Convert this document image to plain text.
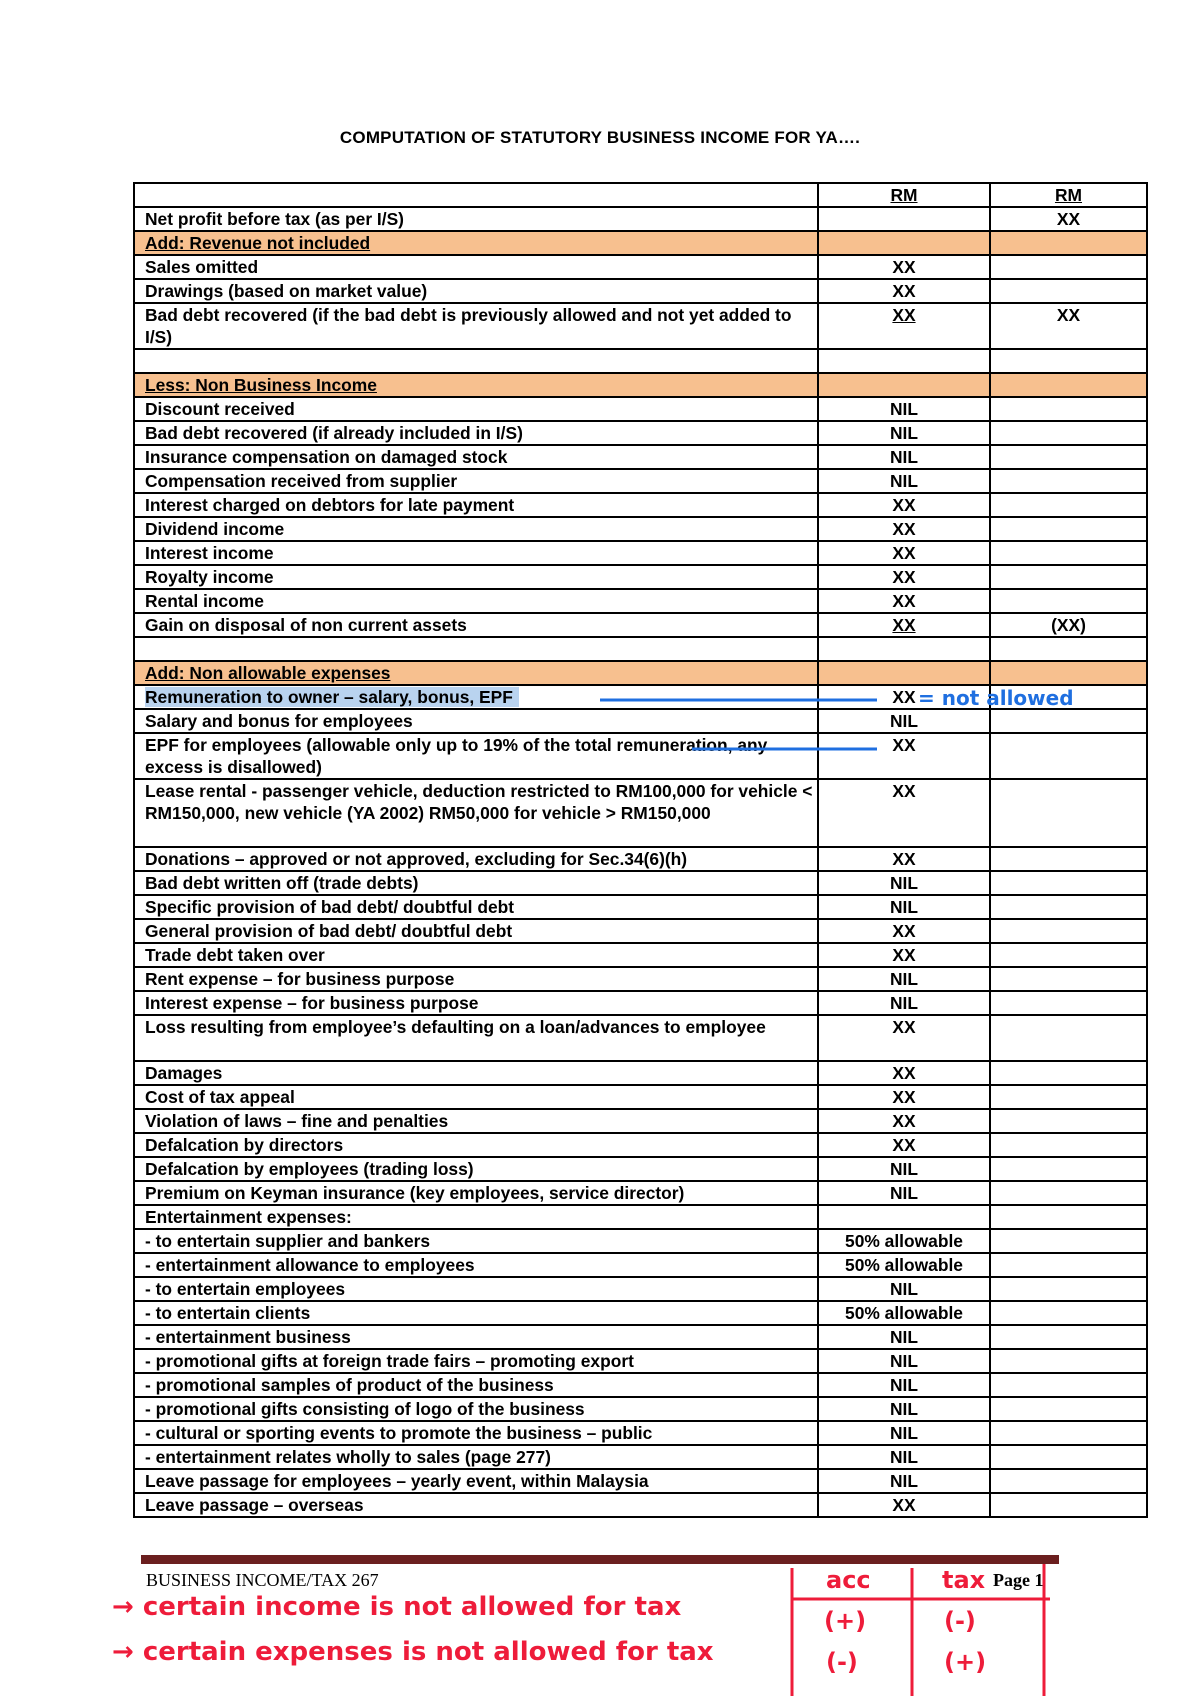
COMPUTATION OF STATUTORY BUSINESS INCOME FOR YA….
	RM	RM
Net profit before tax (as per I/S)		XX
Add: Revenue not included		
Sales omitted	XX	
Drawings (based on market value)	XX	
Bad debt recovered (if the bad debt is previously allowed and not yet added to I/S)	XX	XX

Less: Non Business Income		
Discount received	NIL	
Bad debt recovered (if already included in I/S)	NIL	
Insurance compensation on damaged stock	NIL	
Compensation received from supplier	NIL	
Interest charged on debtors for late payment	XX	
Dividend income	XX	
Interest income	XX	
Royalty income	XX	
Rental income	XX	
Gain on disposal of non current assets	XX	(XX)

Add: Non allowable expenses		
Remuneration to owner – salary, bonus, EPF	XX	
Salary and bonus for employees	NIL	
EPF for employees (allowable only up to 19% of the total remuneration, any excess is disallowed)	XX	
Lease rental - passenger vehicle, deduction restricted to RM100,000 for vehicle < RM150,000, new vehicle (YA 2002) RM50,000 for vehicle > RM150,000	XX	
Donations – approved or not approved, excluding for Sec.34(6)(h)	XX	
Bad debt written off (trade debts)	NIL	
Specific provision of bad debt/ doubtful debt	NIL	
General provision of bad debt/ doubtful debt	XX	
Trade debt taken over	XX	
Rent expense – for business purpose	NIL	
Interest expense – for business purpose	NIL	
Loss resulting from employee’s defaulting on a loan/advances to employee	XX	
Damages	XX	
Cost of tax appeal	XX	
Violation of laws – fine and penalties	XX	
Defalcation by directors	XX	
Defalcation by employees (trading loss)	NIL	
Premium on Keyman insurance (key employees, service director)	NIL	
Entertainment expenses:		
- to entertain supplier and bankers	50% allowable	
- entertainment allowance to employees	50% allowable	
- to entertain employees	NIL	
- to entertain clients	50% allowable	
- entertainment business	NIL	
- promotional gifts at foreign trade fairs – promoting export	NIL	
- promotional samples of product of the business	NIL	
- promotional gifts consisting of logo of the business	NIL	
- cultural or sporting events to promote the business – public	NIL	
- entertainment relates wholly to sales (page 277)	NIL	
Leave passage for employees – yearly event, within Malaysia	NIL	
Leave passage – overseas	XX	
= not allowed
BUSINESS INCOME/TAX 267	Page 1
→ certain income is not allowed for tax
→ certain expenses is not allowed for tax
acc	tax
(+)	(-)
(-)	(+)
